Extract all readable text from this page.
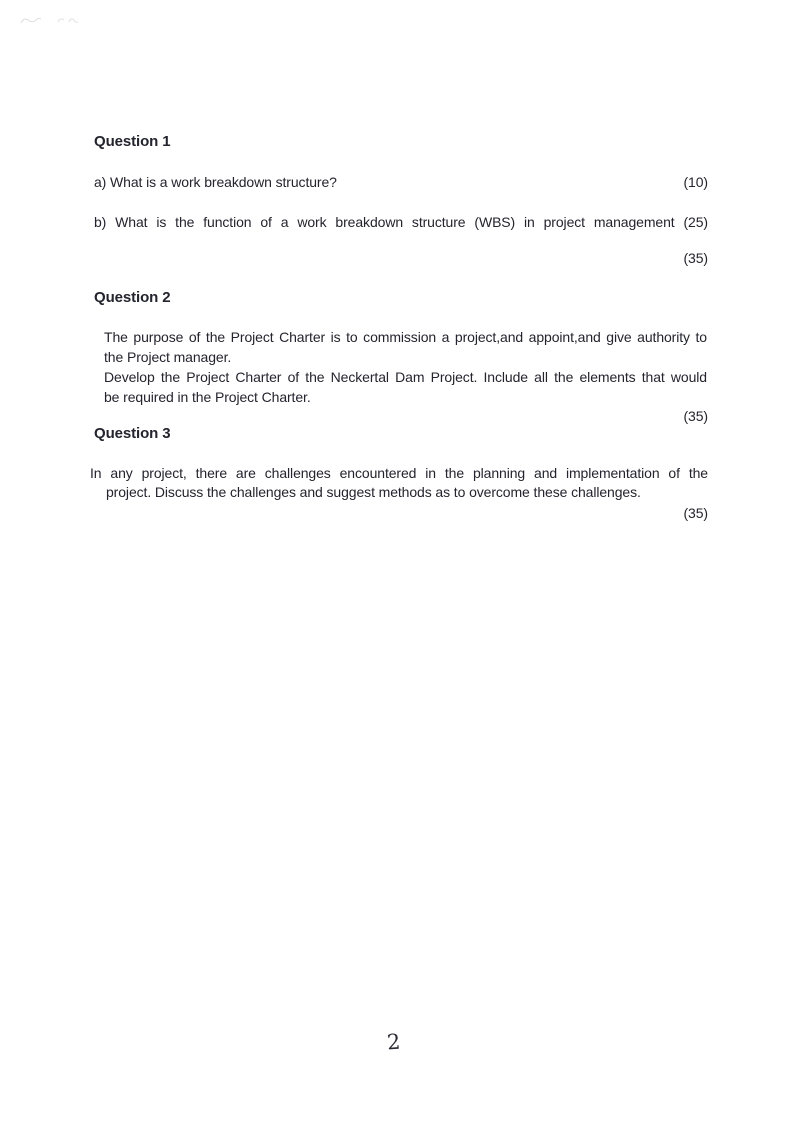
Question 1
a) What is a work breakdown structure?	(10)
b) What is the function of a work breakdown structure (WBS) in project management (25)
(35)
Question 2
The purpose of the Project Charter is to commission a project,and appoint,and give authority to
the Project manager.
Develop the Project Charter of the Neckertal Dam Project. Include all the elements that would
be required in the Project Charter.
(35)
Question 3
In any project, there are challenges encountered in the planning and implementation of the
project. Discuss the challenges and suggest methods as to overcome these challenges.
(35)
2
